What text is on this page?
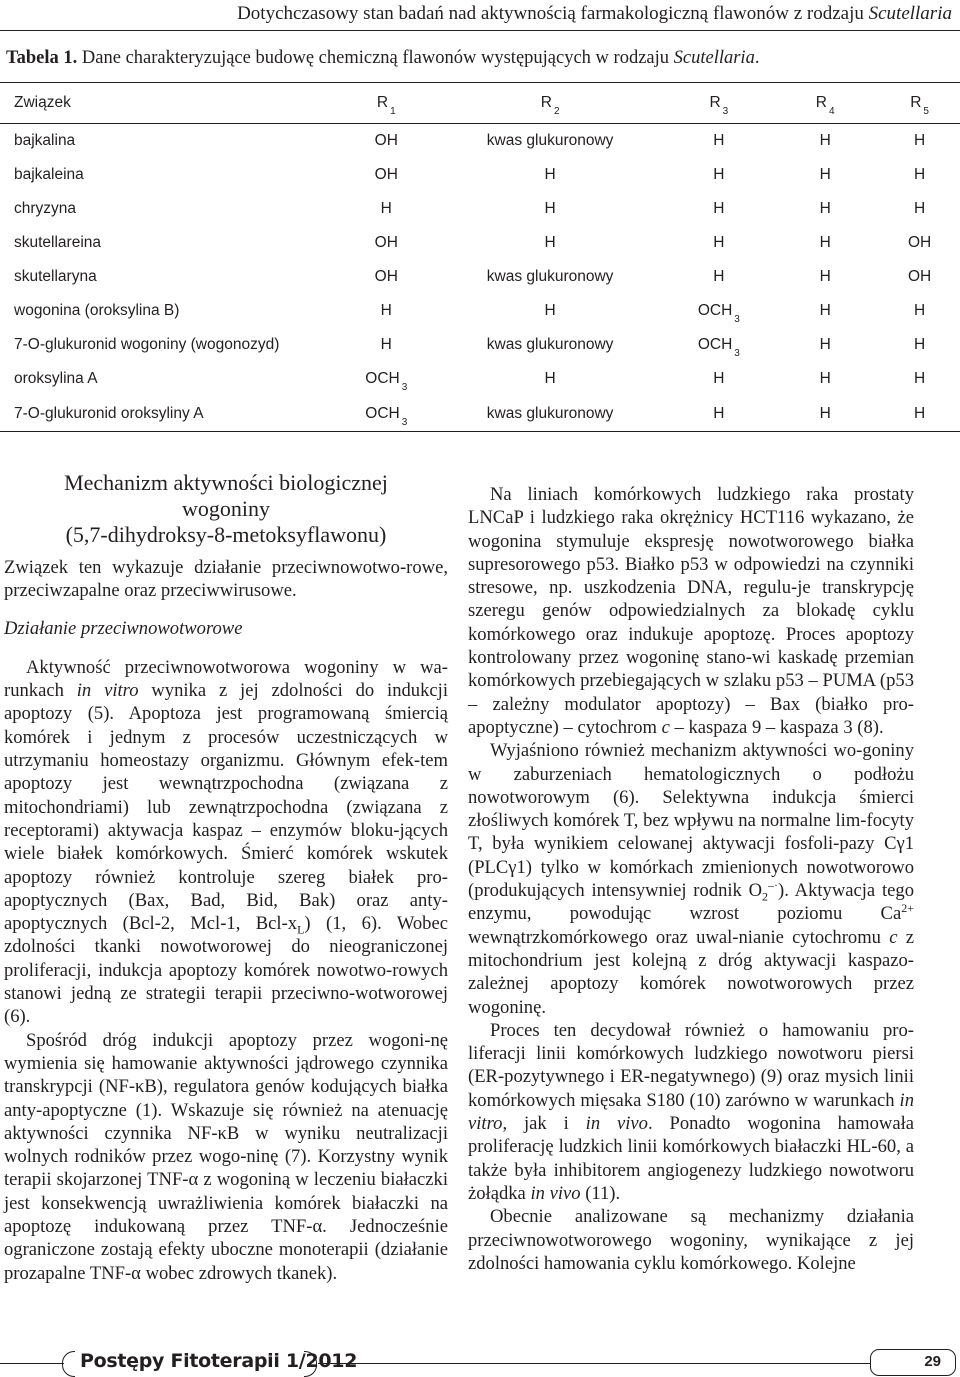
Dotychczasowy stan badań nad aktywnością farmakologiczną flawonów z rodzaju Scutellaria
Tabela 1. Dane charakteryzujące budowę chemiczną flawonów występujących w rodzaju Scutellaria.
Związek	$R_1$	$R_2$	$R_3$	$R_4$	$R_5$
bajkalina	OH	kwas glukuronowy	H	H	H
bajkaleina	OH	H	H	H	H
chryzyna	H	H	H	H	H
skutellareina	OH	H	H	H	OH
skutellaryna	OH	kwas glukuronowy	H	H	OH
wogonina (oroksylina B)	H	H	$OCH_3$	H	H
7-O-glukuronid wogoniny (wogonozyd)	H	kwas glukuronowy	$OCH_3$	H	H
oroksylina A	$OCH_3$	H	H	H	H
7-O-glukuronid oroksyliny A	$OCH_3$	kwas glukuronowy	H	H	H
Mechanizm aktywności biologicznej
wogoniny
(5,7-dihydroksy-8-metoksyflawonu)

Związek ten wykazuje działanie przeciwnowotwo-rowe, przeciwzapalne oraz przeciwwirusowe.

Działanie przeciwnowotworowe

Aktywność przeciwnowotworowa wogoniny w wa-runkach in vitro wynika z jej zdolności do indukcji apoptozy (5). Apoptoza jest programowaną śmiercią komórek i jednym z procesów uczestniczących w utrzymaniu homeostazy organizmu. Głównym efek-tem apoptozy jest wewnątrzpochodna (związana z mitochondriami) lub zewnątrzpochodna (związana z receptorami) aktywacja kaspaz – enzymów bloku-jących wiele białek komórkowych. Śmierć komórek wskutek apoptozy również kontroluje szereg białek pro-apoptycznych (Bax, Bad, Bid, Bak) oraz anty-apoptycznych (Bcl-2, Mcl-1, Bcl-$x_L$) (1, 6). Wobec zdolności tkanki nowotworowej do nieograniczonej proliferacji, indukcja apoptozy komórek nowotwo-rowych stanowi jedną ze strategii terapii przeciwno-wotworowej (6).

Spośród dróg indukcji apoptozy przez wogoni-nę wymienia się hamowanie aktywności jądrowego czynnika transkrypcji (NF-κB), regulatora genów kodujących białka anty-apoptyczne (1). Wskazuje się również na atenuację aktywności czynnika NF-κB w wyniku neutralizacji wolnych rodników przez wogo-ninę (7). Korzystny wynik terapii skojarzonej TNF-α z wogoniną w leczeniu białaczki jest konsekwencją uwrażliwienia komórek białaczki na apoptozę indukowaną przez TNF-α. Jednocześnie ograniczone zostają efekty uboczne monoterapii (działanie prozapalne TNF-α wobec zdrowych tkanek).

Na liniach komórkowych ludzkiego raka prostaty LNCaP i ludzkiego raka okrężnicy HCT116 wykazano, że wogonina stymuluje ekspresję nowotworowego białka supresorowego p53. Białko p53 w odpowiedzi na czynniki stresowe, np. uszkodzenia DNA, regulu-je transkrypcję szeregu genów odpowiedzialnych za blokadę cyklu komórkowego oraz indukuje apoptozę. Proces apoptozy kontrolowany przez wogoninę stano-wi kaskadę przemian komórkowych przebiegających w szlaku p53 – PUMA (p53 – zależny modulator apoptozy) – Bax (białko pro-apoptyczne) – cytochrom c – kaspaza 9 – kaspaza 3 (8).

Wyjaśniono również mechanizm aktywności wo-goniny w zaburzeniach hematologicznych o podłożu nowotworowym (6). Selektywna indukcja śmierci złośliwych komórek T, bez wpływu na normalne lim-focyty T, była wynikiem celowanej aktywacji fosfoli-pazy Cγ1 (PLCγ1) tylko w komórkach zmienionych nowotworowo (produkujących intensywniej rodnik $O_2^{-\cdot}$). Aktywacja tego enzymu, powodując wzrost poziomu $Ca^{2+}$ wewnątrzkomórkowego oraz uwal-nianie cytochromu c z mitochondrium jest kolejną z dróg aktywacji kaspazo-zależnej apoptozy komórek nowotworowych przez wogoninę.

Proces ten decydował również o hamowaniu pro-liferacji linii komórkowych ludzkiego nowotworu piersi (ER-pozytywnego i ER-negatywnego) (9) oraz mysich linii komórkowych mięsaka S180 (10) zarówno w warunkach in vitro, jak i in vivo. Ponadto wogonina hamowała proliferację ludzkich linii komórkowych białaczki HL-60, a także była inhibitorem angiogenezy ludzkiego nowotworu żołądka in vivo (11).

Obecnie analizowane są mechanizmy działania przeciwnowotworowego wogoniny, wynikające z jej zdolności hamowania cyklu komórkowego. Kolejne

Postępy Fitoterapii 1/2012	29
